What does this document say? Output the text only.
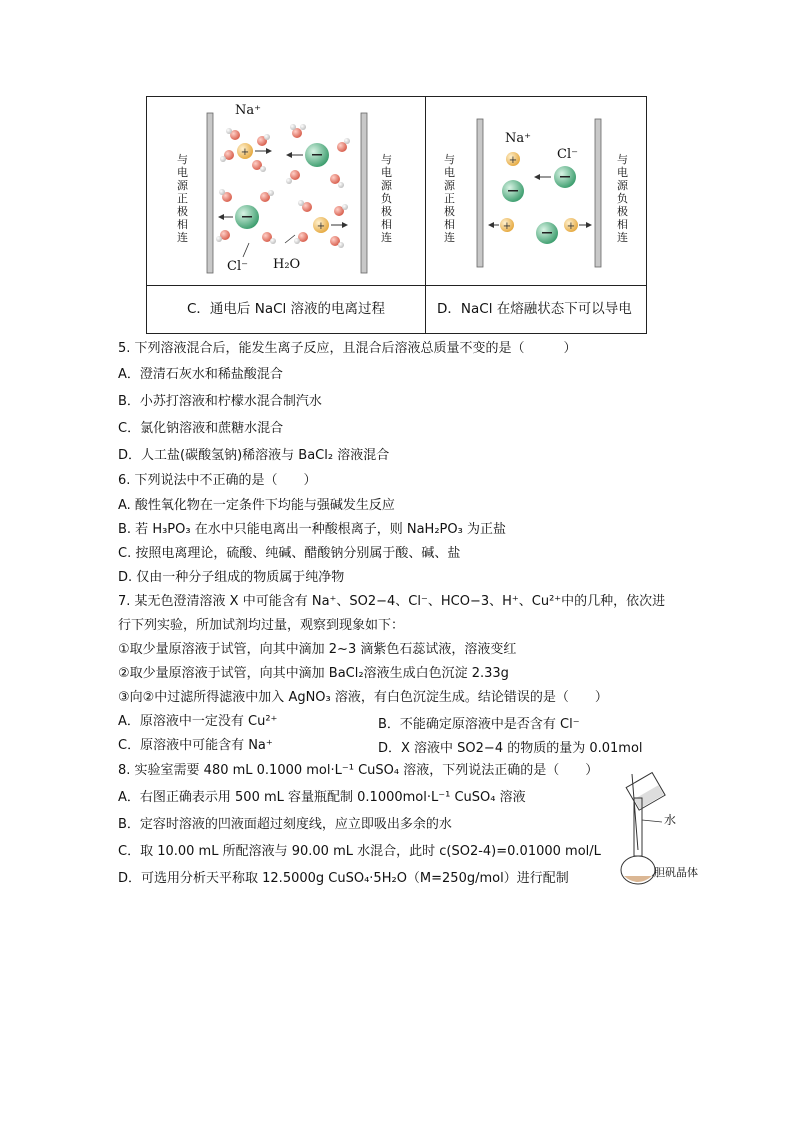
+
+
Na⁺
Cl⁻ H₂O
与电源正极相连
与电源负极相连
+
+	+
Na⁺
Cl⁻
与电源正极相连
与电源负极相连
C．通电后 NaCl 溶液的电离过程	D．NaCl 在熔融状态下可以导电
5. 下列溶液混合后，能发生离子反应，且混合后溶液总质量不变的是（　　　）
A．澄清石灰水和稀盐酸混合
B．小苏打溶液和柠檬水混合制汽水
C．氯化钠溶液和蔗糖水混合
D．人工盐(碳酸氢钠)稀溶液与 BaCl₂ 溶液混合
6. 下列说法中不正确的是（　　）
A. 酸性氧化物在一定条件下均能与强碱发生反应
B. 若 H₃PO₃ 在水中只能电离出一种酸根离子，则 NaH₂PO₃ 为正盐
C. 按照电离理论，硫酸、纯碱、醋酸钠分别属于酸、碱、盐
D. 仅由一种分子组成的物质属于纯净物
7. 某无色澄清溶液 X 中可能含有 Na⁺、SO2−4、Cl⁻、HCO−3、H⁺、Cu²⁺中的几种，依次进
行下列实验，所加试剂均过量，观察到现象如下：
①取少量原溶液于试管，向其中滴加 2~3 滴紫色石蕊试液，溶液变红
②取少量原溶液于试管，向其中滴加 BaCl₂溶液生成白色沉淀 2.33g
③向②中过滤所得滤液中加入 AgNO₃ 溶液，有白色沉淀生成。结论错误的是（　　）
A．原溶液中一定没有 Cu²⁺	B．不能确定原溶液中是否含有 Cl⁻
C．原溶液中可能含有 Na⁺	D．X 溶液中 SO2−4 的物质的量为 0.01mol
8. 实验室需要 480 mL 0.1000 mol·L⁻¹ CuSO₄ 溶液，下列说法正确的是（　　）
A．右图正确表示用 500 mL 容量瓶配制 0.1000mol·L⁻¹ CuSO₄ 溶液
B．定容时溶液的凹液面超过刻度线，应立即吸出多余的水
C．取 10.00 mL 所配溶液与 90.00 mL 水混合，此时 c(SO2-4)=0.01000 mol/L
D．可选用分析天平称取 12.5000g CuSO₄·5H₂O（M=250g/mol）进行配制
水
胆矾晶体
